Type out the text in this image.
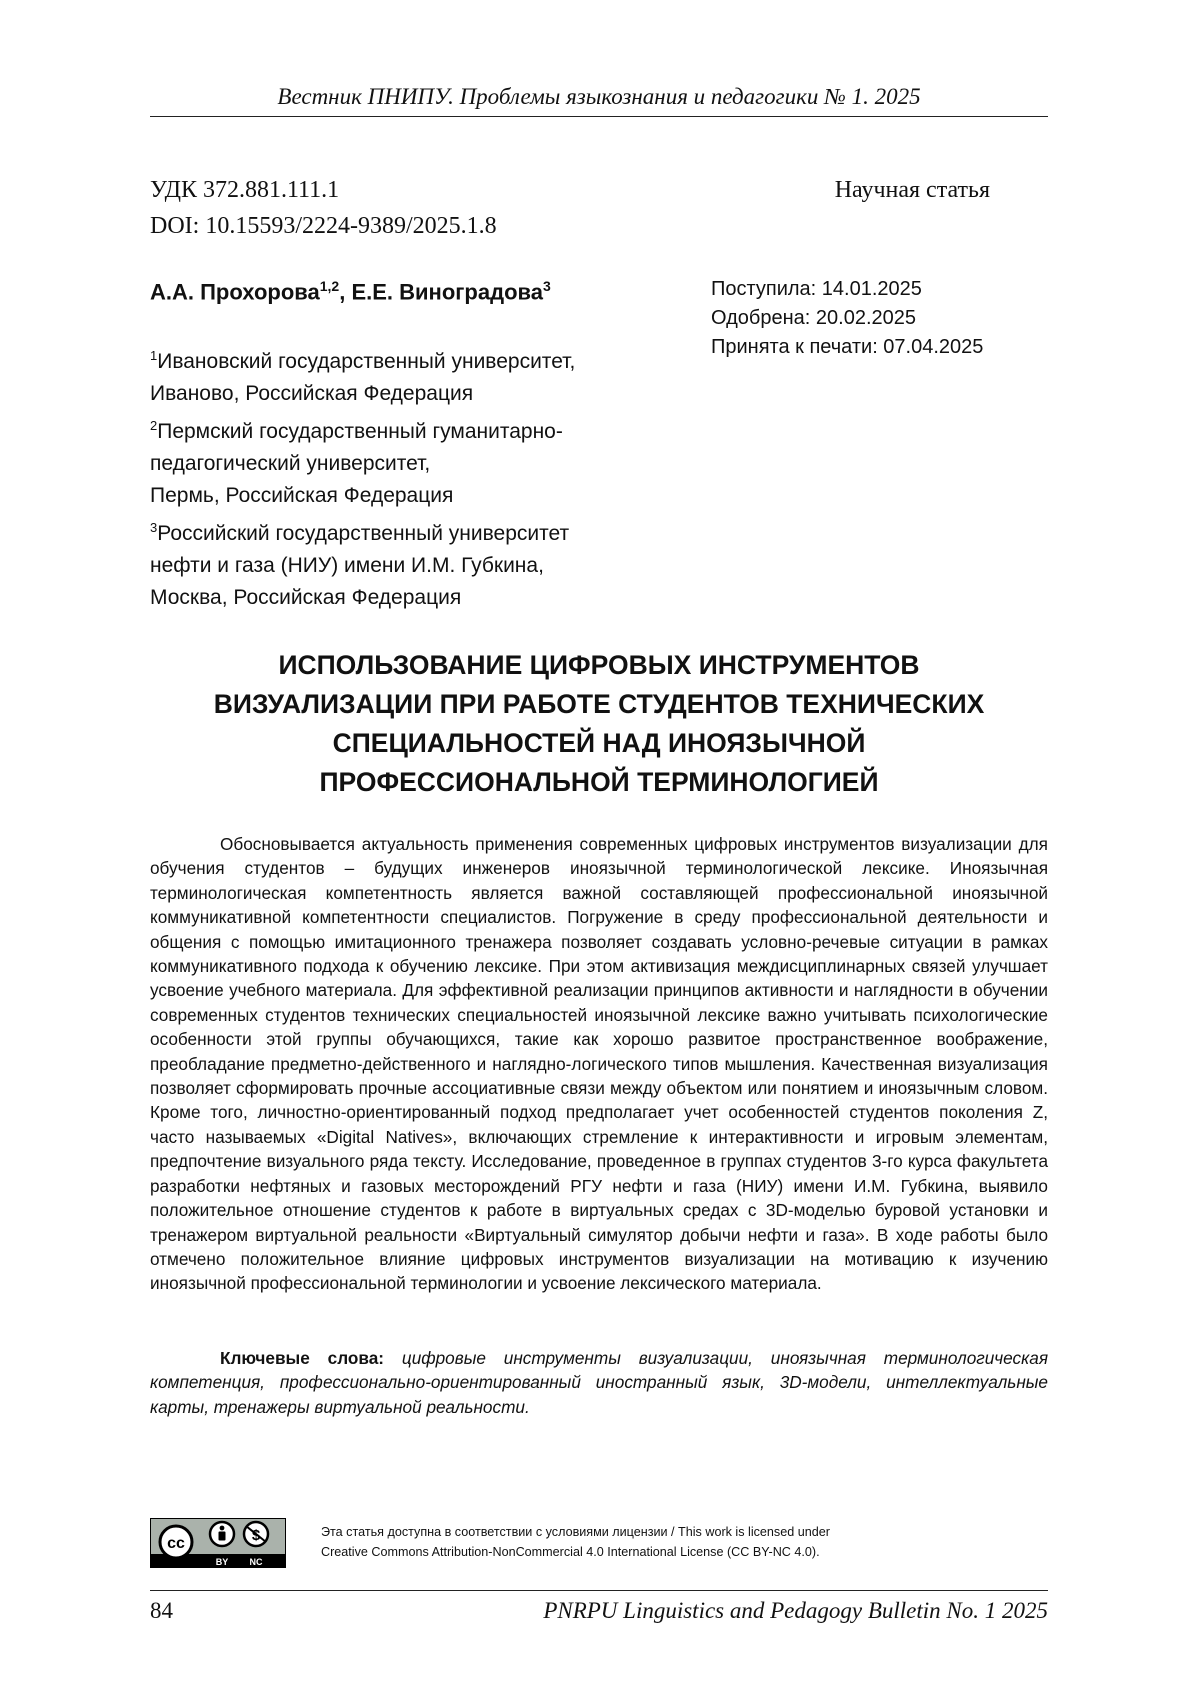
Вестник ПНИПУ. Проблемы языкознания и педагогики № 1. 2025
УДК 372.881.111.1
DOI: 10.15593/2224-9389/2025.1.8
Научная статья
А.А. Прохорова1,2, Е.Е. Виноградова3	Поступила: 14.01.2025
Одобрена: 20.02.2025
Принята к печати: 07.04.2025
1Ивановский государственный университет,
Иваново, Российская Федерация
2Пермский государственный гуманитарно-
педагогический университет,
Пермь, Российская Федерация
3Российский государственный университет
нефти и газа (НИУ) имени И.М. Губкина,
Москва, Российская Федерация
ИСПОЛЬЗОВАНИЕ ЦИФРОВЫХ ИНСТРУМЕНТОВ
ВИЗУАЛИЗАЦИИ ПРИ РАБОТЕ СТУДЕНТОВ ТЕХНИЧЕСКИХ
СПЕЦИАЛЬНОСТЕЙ НАД ИНОЯЗЫЧНОЙ
ПРОФЕССИОНАЛЬНОЙ ТЕРМИНОЛОГИЕЙ

Обосновывается актуальность применения современных цифровых инструментов визуализации для обучения студентов – будущих инженеров иноязычной терминологической лексике. Иноязычная терминологическая компетентность является важной составляющей профессиональной иноязычной коммуникативной компетентности специалистов. Погружение в среду профессиональной деятельности и общения с помощью имитационного тренажера позволяет создавать условно-речевые ситуации в рамках коммуникативного подхода к обучению лексике. При этом активизация междисциплинарных связей улучшает усвоение учебного материала. Для эффективной реализации принципов активности и наглядности в обучении современных студентов технических специальностей иноязычной лексике важно учитывать психологические особенности этой группы обучающихся, такие как хорошо развитое пространственное воображение, преобладание предметно-действенного и наглядно-логического типов мышления. Качественная визуализация позволяет сформировать прочные ассоциативные связи между объектом или понятием и иноязычным словом. Кроме того, личностно-ориентированный подход предполагает учет особенностей студентов поколения Z, часто называемых «Digital Natives», включающих стремление к интерактивности и игровым элементам, предпочтение визуального ряда тексту. Исследование, проведенное в группах студентов 3-го курса факультета разработки нефтяных и газовых месторождений РГУ нефти и газа (НИУ) имени И.М. Губкина, выявило положительное отношение студентов к работе в виртуальных средах с 3D-моделью буровой установки и тренажером виртуальной реальности «Виртуальный симулятор добычи нефти и газа». В ходе работы было отмечено положительное влияние цифровых инструментов визуализации на мотивацию к изучению иноязычной профессиональной терминологии и усвоение лексического материала.

Ключевые слова: цифровые инструменты визуализации, иноязычная терминологическая компетенция, профессионально-ориентированный иностранный язык, 3D-модели, интеллектуальные карты, тренажеры виртуальной реальности.

cc	$
BY NC
Эта статья доступна в соответствии с условиями лицензии / This work is licensed under
Creative Commons Attribution-NonCommercial 4.0 International License (CC BY-NC 4.0).
84	PNRPU Linguistics and Pedagogy Bulletin No. 1 2025
